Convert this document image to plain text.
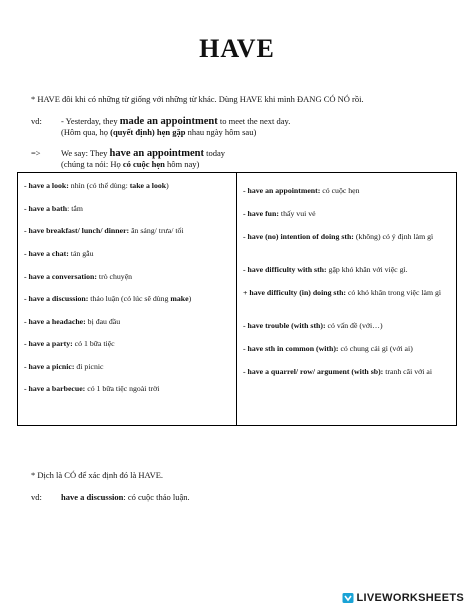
HAVE
* HAVE đôi khi có những từ giống với những từ khác. Dùng HAVE khi mình ĐANG CÓ NÓ rồi.
vd: - Yesterday, they made an appointment to meet the next day.
(Hôm qua, họ (quyết định) hẹn gặp nhau ngày hôm sau)
=> We say: They have an appointment today
(chúng ta nói: Họ có cuộc hẹn hôm nay)
- have a look: nhìn (có thể dùng: take a look)
- have a bath: tắm
- have breakfast/ lunch/ dinner: ăn sáng/ trưa/ tối
- have a chat: tán gẫu
- have a conversation: trò chuyện
- have a discussion: thảo luận (có lúc sẽ dùng make)
- have a headache: bị đau đầu
- have a party: có 1 bữa tiệc
- have a picnic: đi picnic
- have a barbecue: có 1 bữa tiệc ngoài trời

- have an appointment: có cuộc hẹn
- have fun: thấy vui vẻ
- have (no) intention of doing sth: (không) có ý định làm gì
- have difficulty with sth: gặp khó khăn với việc gì.
+ have difficulty (in) doing sth: có khó khăn trong việc làm gì
- have trouble (with sth): có vấn đề (với…)
- have sth in common (with): có chung cái gì (với ai)
- have a quarrel/ row/ argument (with sb): tranh cãi với ai
* Dịch là CÓ để xác định đó là HAVE.
vd: have a discussion: có cuộc thảo luận.
LIVEWORKSHEETS
